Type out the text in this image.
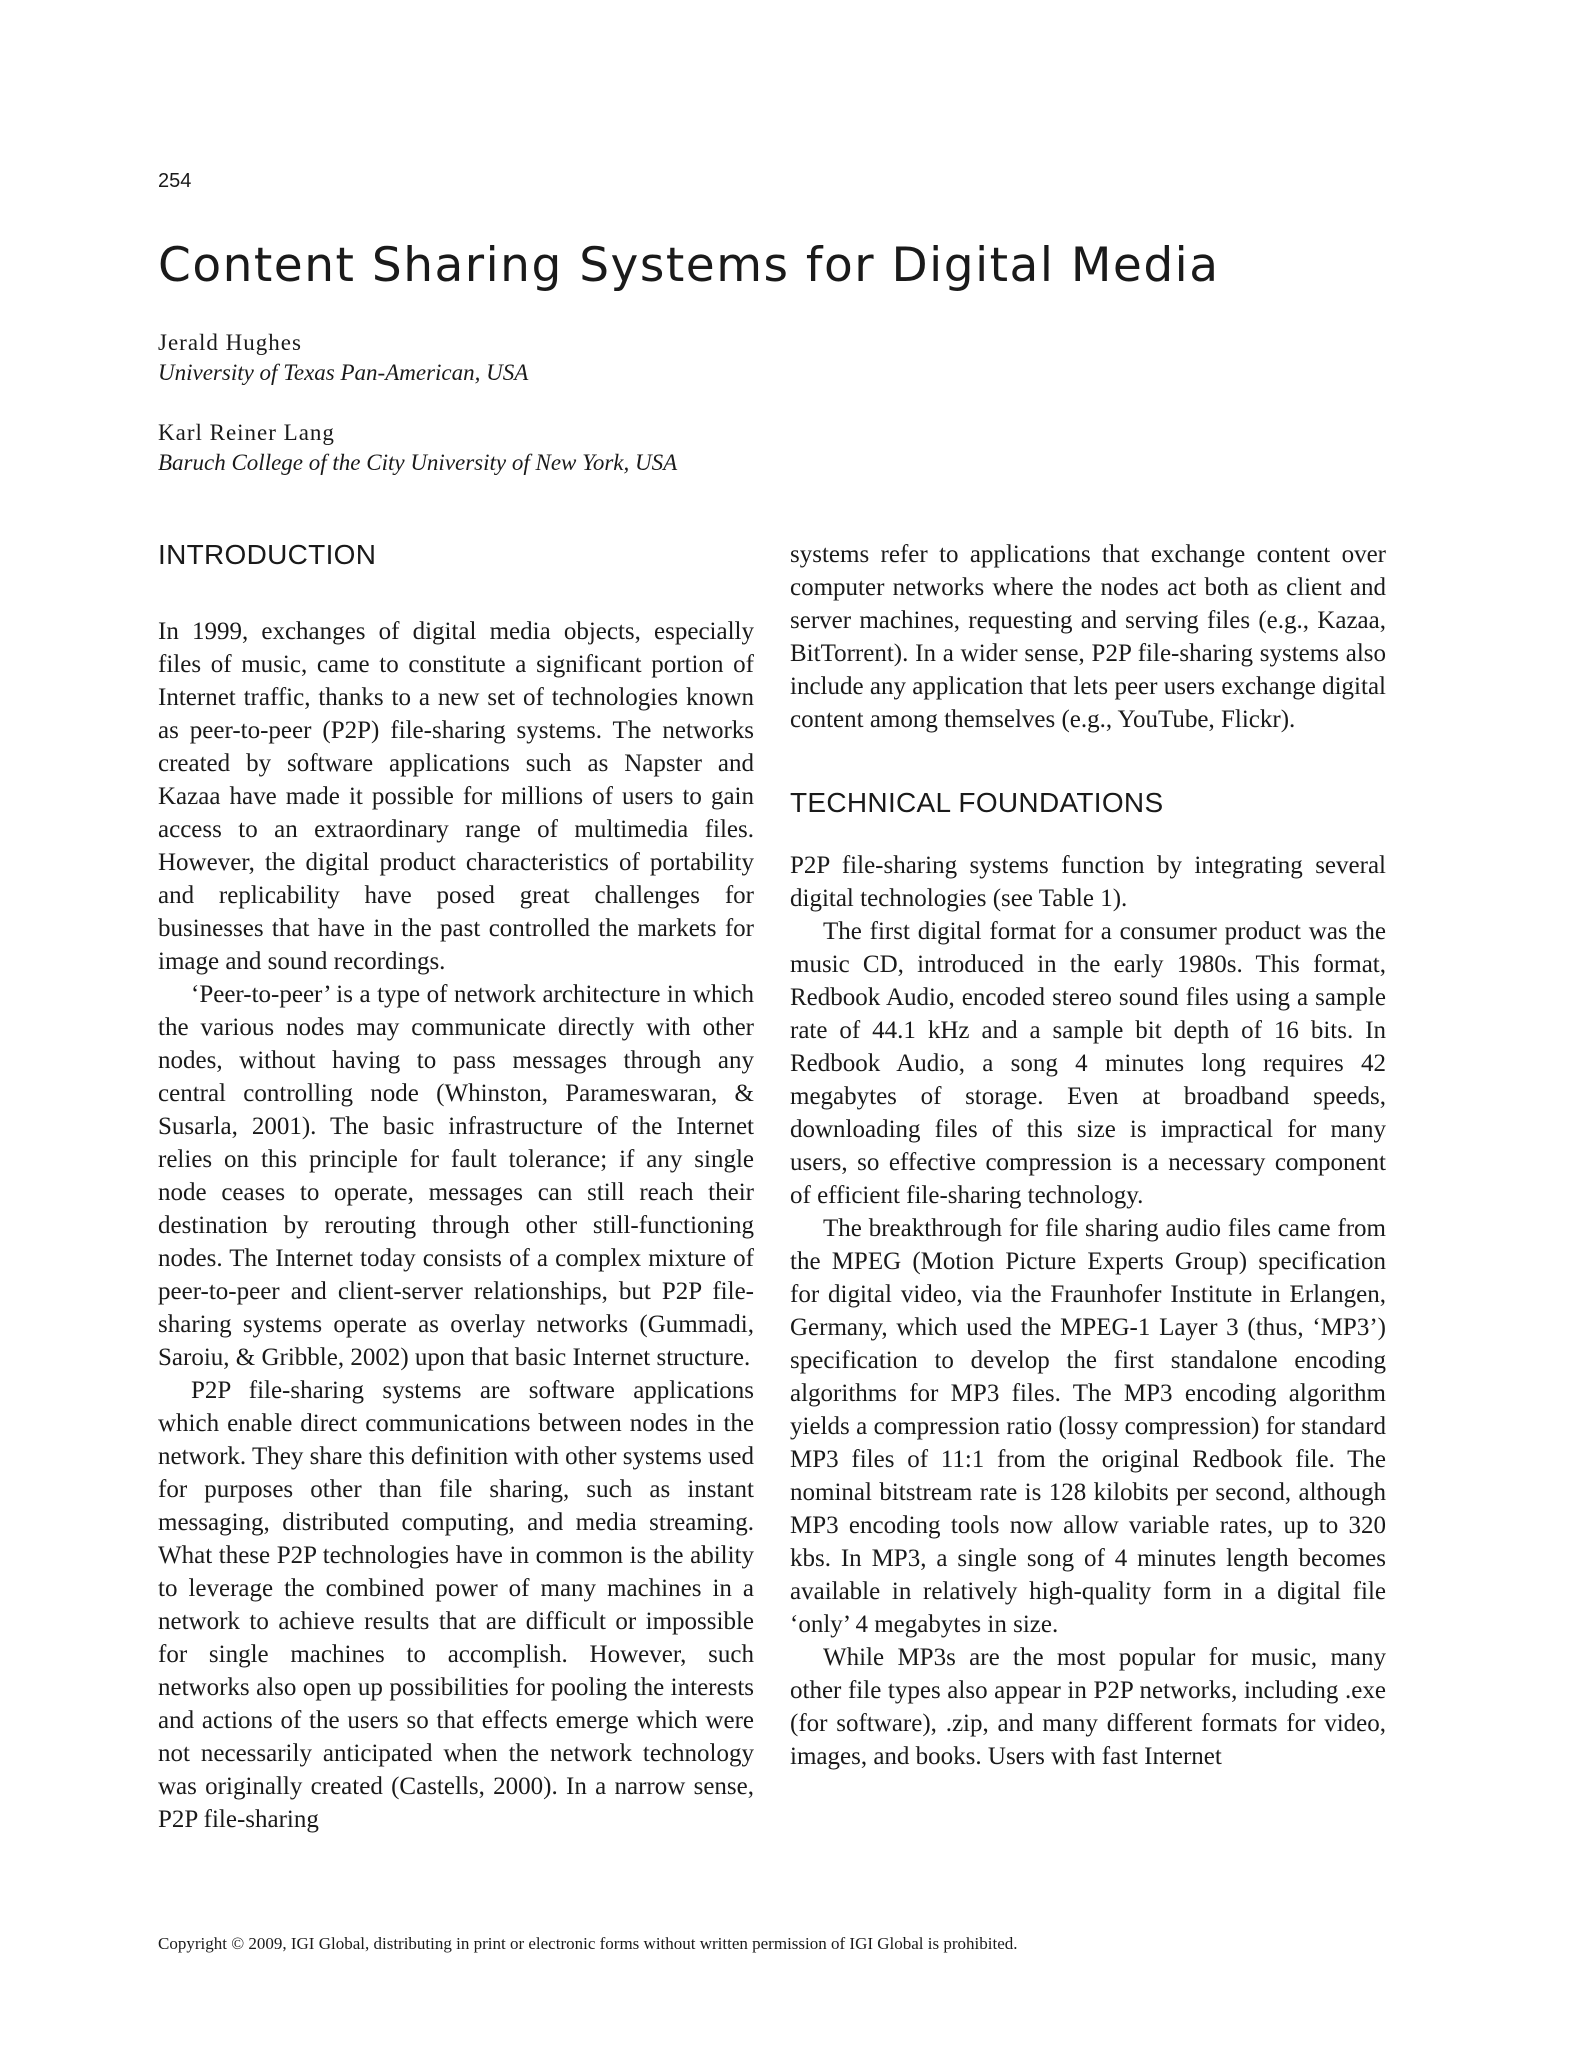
254
Content Sharing Systems for Digital Media
Jerald Hughes
University of Texas Pan-American, USA
Karl Reiner Lang
Baruch College of the City University of New York, USA
INTRODUCTION

In 1999, exchanges of digital media objects, especially files of music, came to constitute a significant portion of Internet traffic, thanks to a new set of technologies known as peer-to-peer (P2P) file-sharing systems. The networks created by software applications such as Napster and Kazaa have made it possible for millions of users to gain access to an extraordinary range of multimedia files. However, the digital product characteristics of portability and replicability have posed great challenges for businesses that have in the past controlled the markets for image and sound recordings.

‘Peer-to-peer’ is a type of network architecture in which the various nodes may communicate directly with other nodes, without having to pass messages through any central controlling node (Whinston, Parameswaran, & Susarla, 2001). The basic infrastructure of the Internet relies on this principle for fault tolerance; if any single node ceases to operate, messages can still reach their destination by rerouting through other still-functioning nodes. The Internet today consists of a complex mixture of peer-to-peer and client-server relationships, but P2P file-sharing systems operate as overlay networks (Gummadi, Saroiu, & Gribble, 2002) upon that basic Internet structure.

P2P file-sharing systems are software applications which enable direct communications between nodes in the network. They share this definition with other systems used for purposes other than file sharing, such as instant messaging, distributed computing, and media streaming. What these P2P technologies have in common is the ability to leverage the combined power of many machines in a network to achieve results that are difficult or impossible for single machines to accomplish. However, such networks also open up possibilities for pooling the interests and actions of the users so that effects emerge which were not necessarily anticipated when the network technology was originally created (Castells, 2000). In a narrow sense, P2P file-sharing

systems refer to applications that exchange content over computer networks where the nodes act both as client and server machines, requesting and serving files (e.g., Kazaa, BitTorrent). In a wider sense, P2P file-sharing systems also include any application that lets peer users exchange digital content among themselves (e.g., YouTube, Flickr).

TECHNICAL FOUNDATIONS

P2P file-sharing systems function by integrating several digital technologies (see Table 1).

The first digital format for a consumer product was the music CD, introduced in the early 1980s. This format, Redbook Audio, encoded stereo sound files using a sample rate of 44.1 kHz and a sample bit depth of 16 bits. In Redbook Audio, a song 4 minutes long requires 42 megabytes of storage. Even at broadband speeds, downloading files of this size is impractical for many users, so effective compression is a necessary component of efficient file-sharing technology.

The breakthrough for file sharing audio files came from the MPEG (Motion Picture Experts Group) specification for digital video, via the Fraunhofer Institute in Erlangen, Germany, which used the MPEG-1 Layer 3 (thus, ‘MP3’) specification to develop the first standalone encoding algorithms for MP3 files. The MP3 encoding algorithm yields a compression ratio (lossy compression) for standard MP3 files of 11:1 from the original Redbook file. The nominal bitstream rate is 128 kilobits per second, although MP3 encoding tools now allow variable rates, up to 320 kbs. In MP3, a single song of 4 minutes length becomes available in relatively high-quality form in a digital file ‘only’ 4 megabytes in size.

While MP3s are the most popular for music, many other file types also appear in P2P networks, including .exe (for software), .zip, and many different formats for video, images, and books. Users with fast Internet

Copyright © 2009, IGI Global, distributing in print or electronic forms without written permission of IGI Global is prohibited.
